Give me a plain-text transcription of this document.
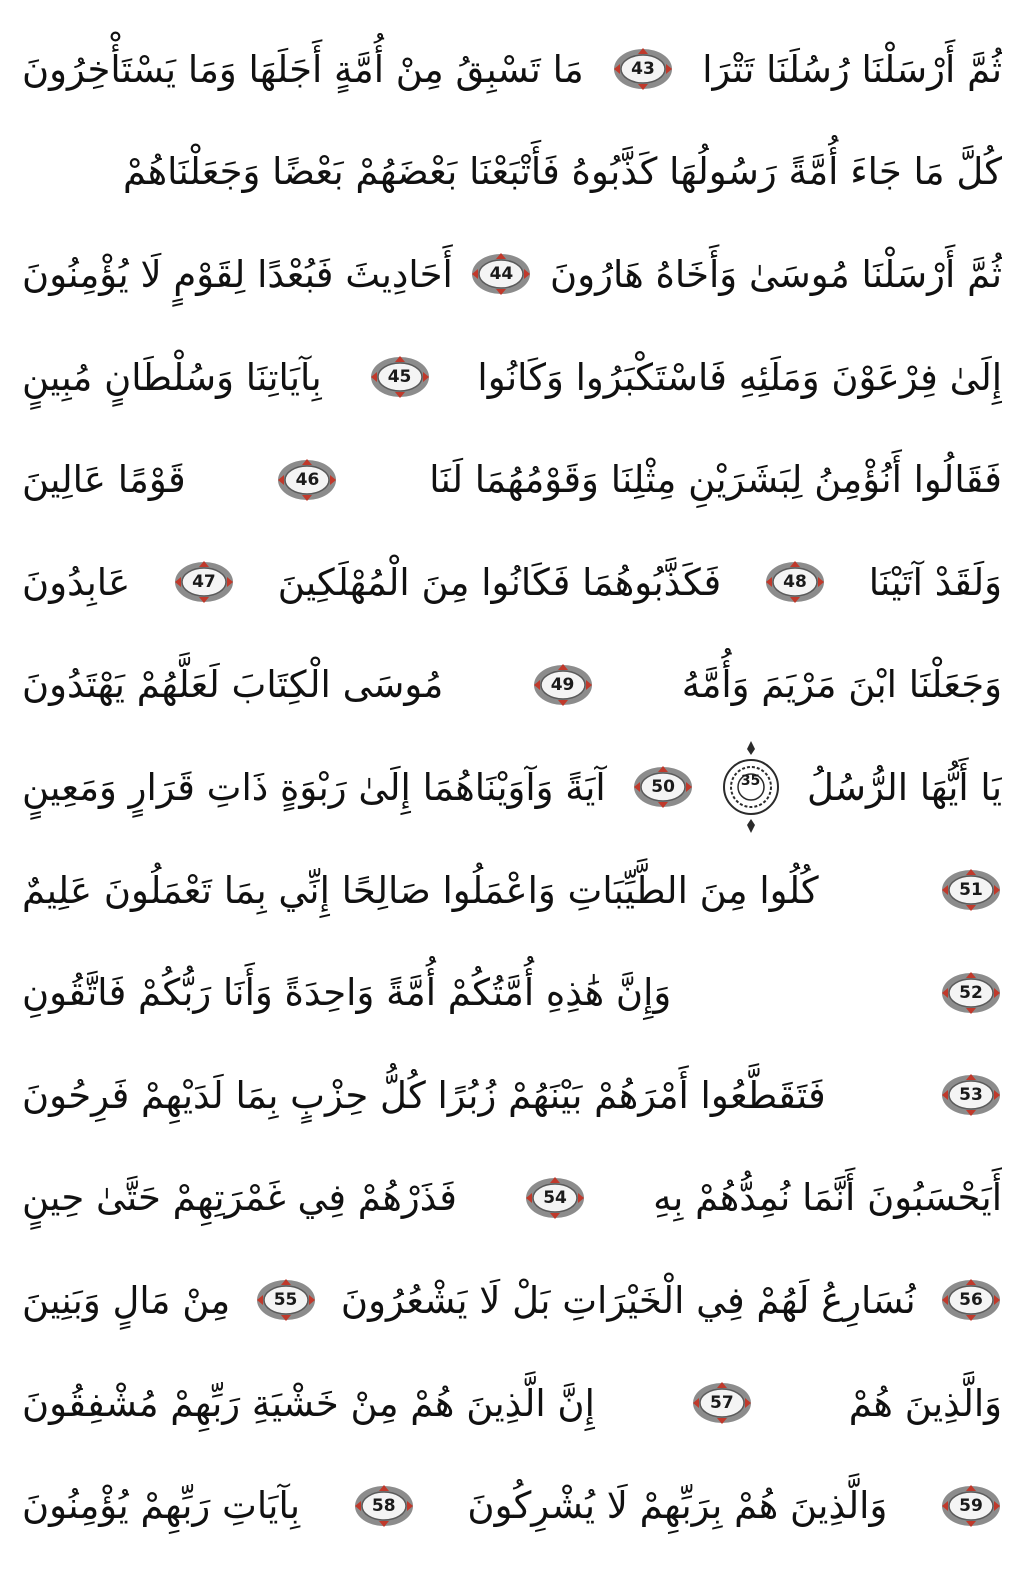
ثُمَّ أَرْسَلْنَا رُسُلَنَا تَتْرَا
43
مَا تَسْبِقُ مِنْ أُمَّةٍ أَجَلَهَا وَمَا يَسْتَأْخِرُونَ
كُلَّ مَا جَاءَ أُمَّةً رَسُولُهَا كَذَّبُوهُ فَأَتْبَعْنَا بَعْضَهُمْ بَعْضًا وَجَعَلْنَاهُمْ
ثُمَّ أَرْسَلْنَا مُوسَىٰ وَأَخَاهُ هَارُونَ
44
أَحَادِيثَ فَبُعْدًا لِقَوْمٍ لَا يُؤْمِنُونَ
إِلَىٰ فِرْعَوْنَ وَمَلَئِهِ فَاسْتَكْبَرُوا وَكَانُوا
45
بِآيَاتِنَا وَسُلْطَانٍ مُبِينٍ
فَقَالُوا أَنُؤْمِنُ لِبَشَرَيْنِ مِثْلِنَا وَقَوْمُهُمَا لَنَا
46
قَوْمًا عَالِينَ
وَلَقَدْ آتَيْنَا
48
فَكَذَّبُوهُمَا فَكَانُوا مِنَ الْمُهْلَكِينَ
47
عَابِدُونَ
وَجَعَلْنَا ابْنَ مَرْيَمَ وَأُمَّهُ
49
مُوسَى الْكِتَابَ لَعَلَّهُمْ يَهْتَدُونَ
يَا أَيُّهَا الرُّسُلُ
35
50
آيَةً وَآوَيْنَاهُمَا إِلَىٰ رَبْوَةٍ ذَاتِ قَرَارٍ وَمَعِينٍ
51
كُلُوا مِنَ الطَّيِّبَاتِ وَاعْمَلُوا صَالِحًا إِنِّي بِمَا تَعْمَلُونَ عَلِيمٌ
52
وَإِنَّ هَٰذِهِ أُمَّتُكُمْ أُمَّةً وَاحِدَةً وَأَنَا رَبُّكُمْ فَاتَّقُونِ
53
فَتَقَطَّعُوا أَمْرَهُمْ بَيْنَهُمْ زُبُرًا كُلُّ حِزْبٍ بِمَا لَدَيْهِمْ فَرِحُونَ
أَيَحْسَبُونَ أَنَّمَا نُمِدُّهُمْ بِهِ
54
فَذَرْهُمْ فِي غَمْرَتِهِمْ حَتَّىٰ حِينٍ
56
نُسَارِعُ لَهُمْ فِي الْخَيْرَاتِ بَلْ لَا يَشْعُرُونَ
55
مِنْ مَالٍ وَبَنِينَ
وَالَّذِينَ هُمْ
57
إِنَّ الَّذِينَ هُمْ مِنْ خَشْيَةِ رَبِّهِمْ مُشْفِقُونَ
59
وَالَّذِينَ هُمْ بِرَبِّهِمْ لَا يُشْرِكُونَ
58
بِآيَاتِ رَبِّهِمْ يُؤْمِنُونَ
